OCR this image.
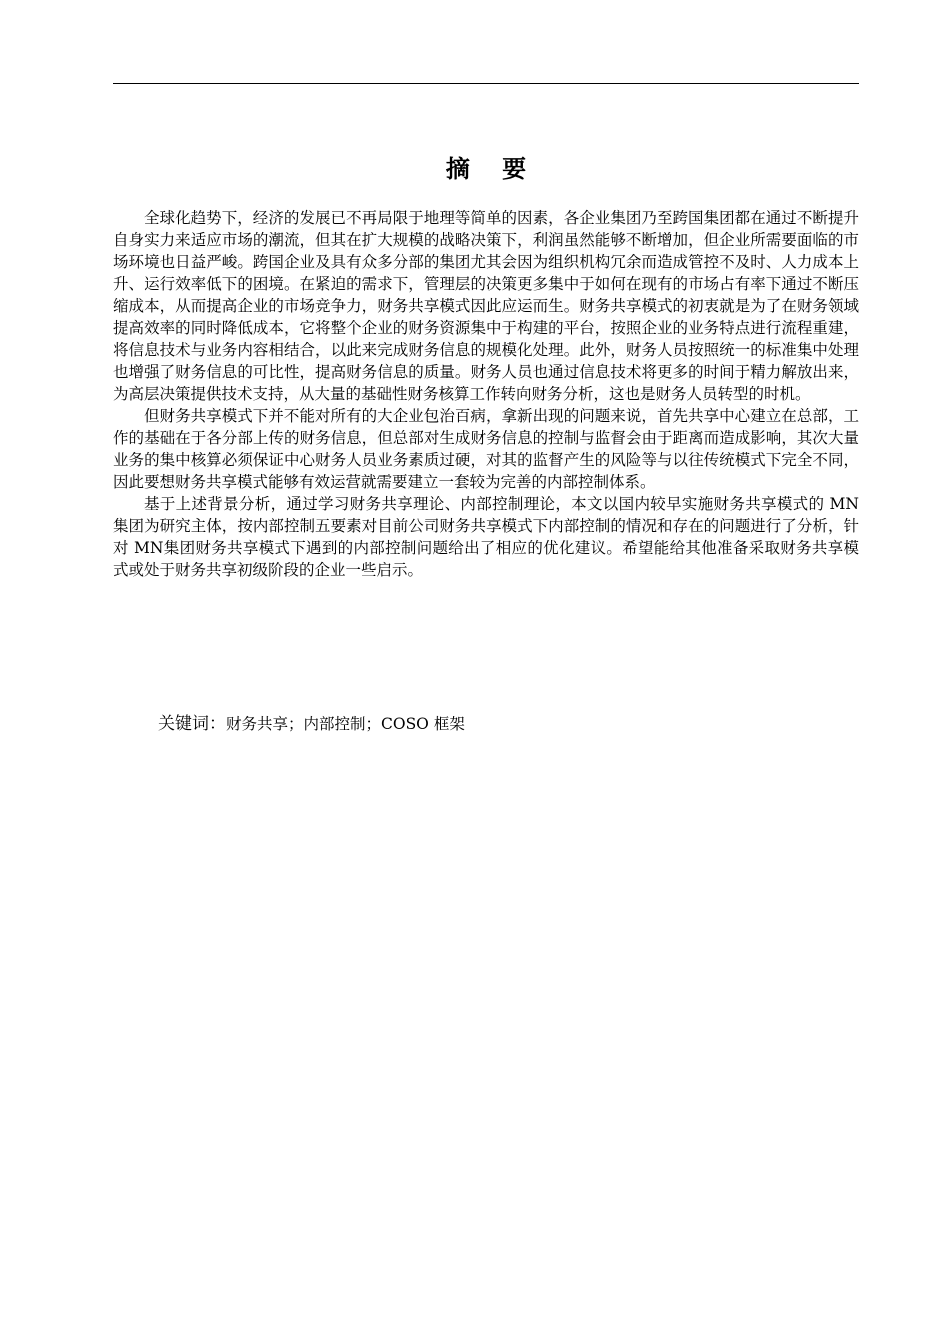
摘 要

全球化趋势下，经济的发展已不再局限于地理等简单的因素，各企业集团乃至跨国集团都在通过不断提升自身实力来适应市场的潮流，但其在扩大规模的战略决策下，利润虽然能够不断增加，但企业所需要面临的市场环境也日益严峻。跨国企业及具有众多分部的集团尤其会因为组织机构冗余而造成管控不及时、人力成本上升、运行效率低下的困境。在紧迫的需求下，管理层的决策更多集中于如何在现有的市场占有率下通过不断压缩成本，从而提高企业的市场竞争力，财务共享模式因此应运而生。财务共享模式的初衷就是为了在财务领域提高效率的同时降低成本，它将整个企业的财务资源集中于构建的平台，按照企业的业务特点进行流程重建，将信息技术与业务内容相结合，以此来完成财务信息的规模化处理。此外，财务人员按照统一的标准集中处理也增强了财务信息的可比性，提高财务信息的质量。财务人员也通过信息技术将更多的时间于精力解放出来，为高层决策提供技术支持，从大量的基础性财务核算工作转向财务分析，这也是财务人员转型的时机。

但财务共享模式下并不能对所有的大企业包治百病，拿新出现的问题来说，首先共享中心建立在总部，工作的基础在于各分部上传的财务信息，但总部对生成财务信息的控制与监督会由于距离而造成影响，其次大量业务的集中核算必须保证中心财务人员业务素质过硬，对其的监督产生的风险等与以往传统模式下完全不同，因此要想财务共享模式能够有效运营就需要建立一套较为完善的内部控制体系。

基于上述背景分析，通过学习财务共享理论、内部控制理论，本文以国内较早实施财务共享模式的 MN集团为研究主体，按内部控制五要素对目前公司财务共享模式下内部控制的情况和存在的问题进行了分析，针对 MN集团财务共享模式下遇到的内部控制问题给出了相应的优化建议。希望能给其他准备采取财务共享模式或处于财务共享初级阶段的企业一些启示。

关键词：财务共享；内部控制；COSO 框架
